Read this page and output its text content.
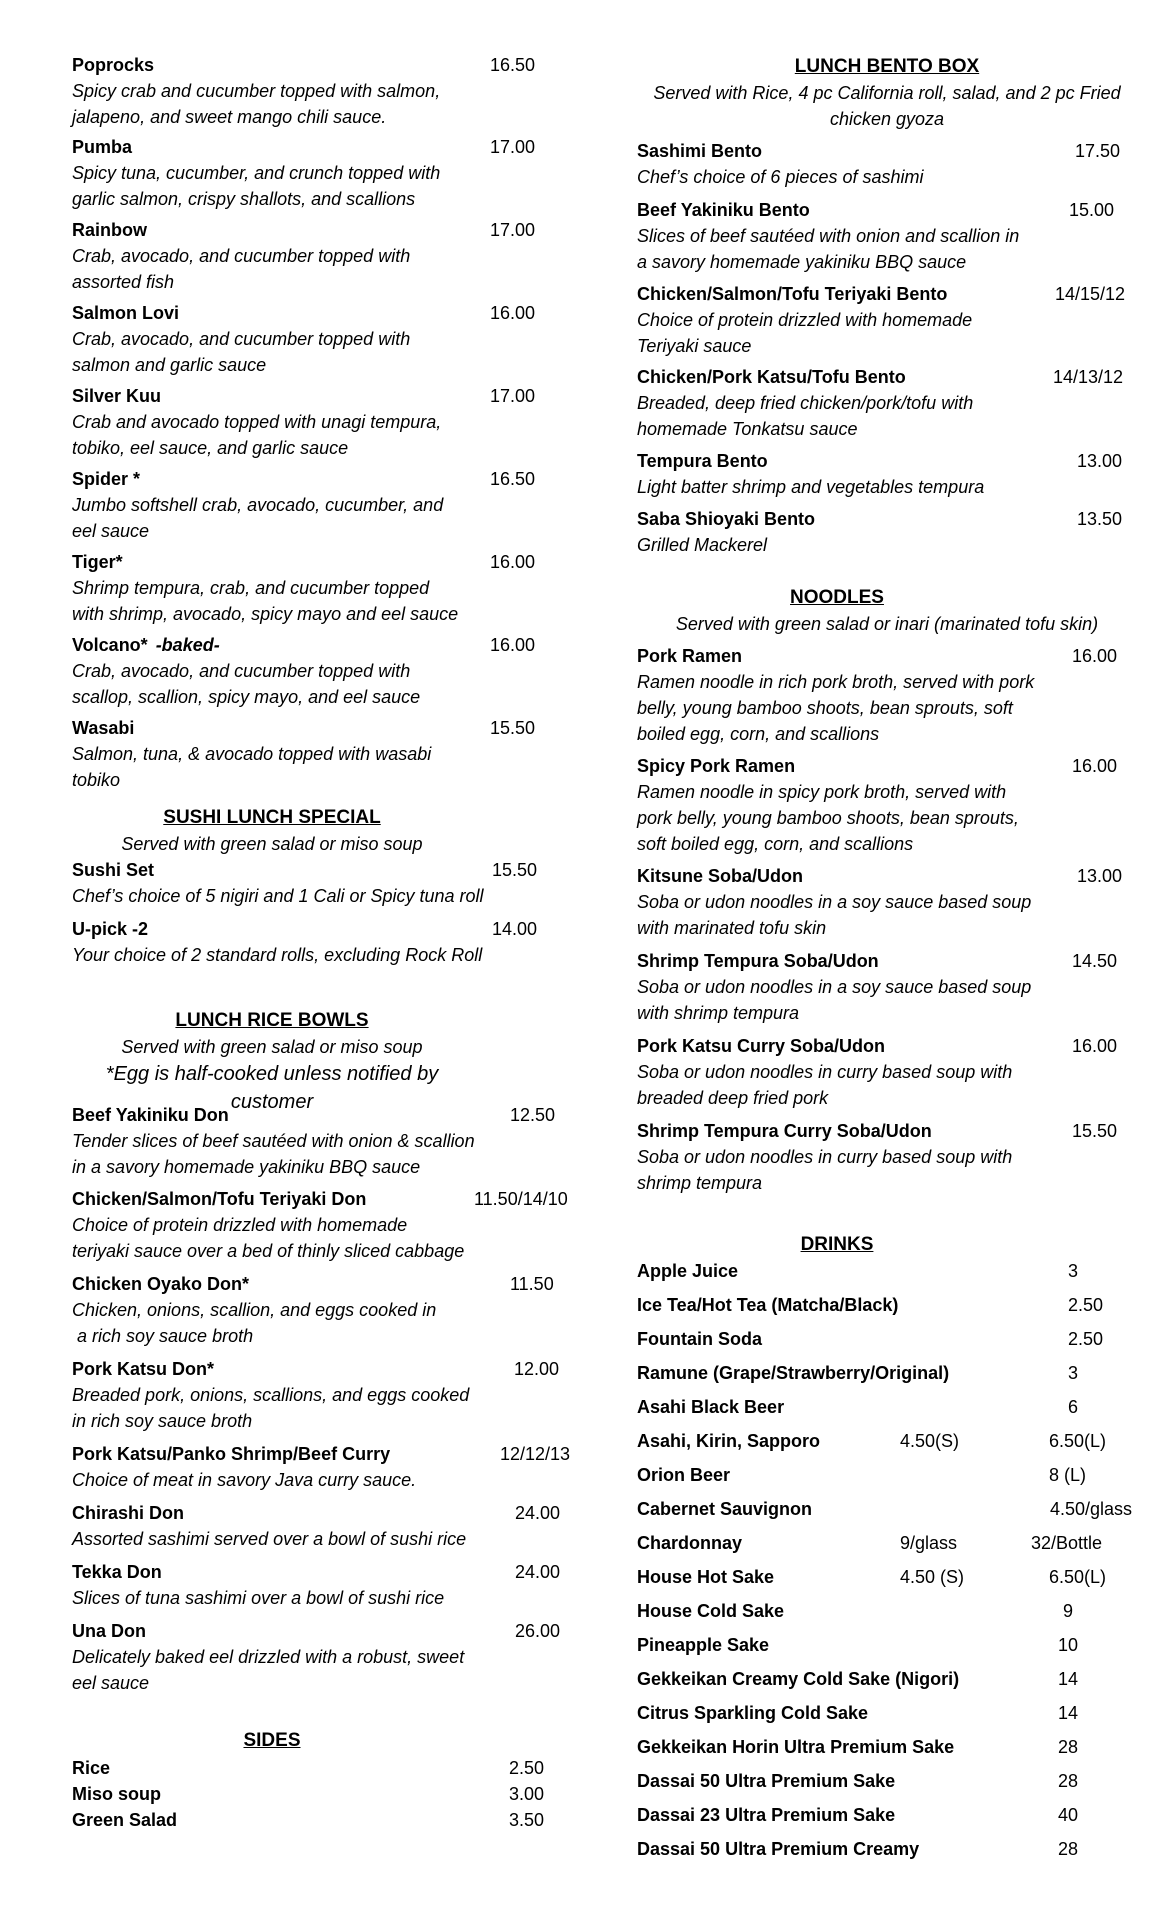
Poprocks
Spicy crab and cucumber topped with salmon,
jalapeno, and sweet mango chili sauce.
16.50
Pumba
Spicy tuna, cucumber, and crunch topped with
garlic salmon, crispy shallots, and scallions
17.00
Rainbow
Crab, avocado, and cucumber topped with
assorted fish
17.00
Salmon Lovi
Crab, avocado, and cucumber topped with
salmon and garlic sauce
16.00
Silver Kuu
Crab and avocado topped with unagi tempura,
tobiko, eel sauce, and garlic sauce
17.00
Spider *
Jumbo softshell crab, avocado, cucumber, and
eel sauce
16.50
Tiger*
Shrimp tempura, crab, and cucumber topped
with shrimp, avocado, spicy mayo and eel sauce
16.00
Volcano* -baked-
Crab, avocado, and cucumber topped with
scallop, scallion, spicy mayo, and eel sauce
16.00
Wasabi
Salmon, tuna, & avocado topped with wasabi
tobiko
15.50
SUSHI LUNCH SPECIAL
Served with green salad or miso soup
Sushi Set
Chef’s choice of 5 nigiri and 1 Cali or Spicy tuna roll
15.50
U-pick -2
Your choice of 2 standard rolls, excluding Rock Roll
14.00
LUNCH RICE BOWLS
Served with green salad or miso soup
*Egg is half-cooked unless notified by customer
Beef Yakiniku Don
Tender slices of beef sautéed with onion & scallion
in a savory homemade yakiniku BBQ sauce
12.50
Chicken/Salmon/Tofu Teriyaki Don
Choice of protein drizzled with homemade
teriyaki sauce over a bed of thinly sliced cabbage
11.50/14/10
Chicken Oyako Don*
Chicken, onions, scallion, and eggs cooked in
a rich soy sauce broth
11.50
Pork Katsu Don*
Breaded pork, onions, scallions, and eggs cooked
in rich soy sauce broth
12.00
Pork Katsu/Panko Shrimp/Beef Curry
Choice of meat in savory Java curry sauce.
12/12/13
Chirashi Don
Assorted sashimi served over a bowl of sushi rice
24.00
Tekka Don
Slices of tuna sashimi over a bowl of sushi rice
24.00
Una Don
Delicately baked eel drizzled with a robust, sweet
eel sauce
26.00
SIDES
Rice	2.50
Miso soup	3.00
Green Salad	3.50
LUNCH BENTO BOX
Served with Rice, 4 pc California roll, salad, and 2 pc Fried
chicken gyoza
Sashimi Bento
Chef’s choice of 6 pieces of sashimi
17.50
Beef Yakiniku Bento
Slices of beef sautéed with onion and scallion in
a savory homemade yakiniku BBQ sauce
15.00
Chicken/Salmon/Tofu Teriyaki Bento
Choice of protein drizzled with homemade
Teriyaki sauce
14/15/12
Chicken/Pork Katsu/Tofu Bento
Breaded, deep fried chicken/pork/tofu with
homemade Tonkatsu sauce
14/13/12
Tempura Bento
Light batter shrimp and vegetables tempura
13.00
Saba Shioyaki Bento
Grilled Mackerel
13.50
NOODLES
Served with green salad or inari (marinated tofu skin)
Pork Ramen
Ramen noodle in rich pork broth, served with pork
belly, young bamboo shoots, bean sprouts, soft
boiled egg, corn, and scallions
16.00
Spicy Pork Ramen
Ramen noodle in spicy pork broth, served with
pork belly, young bamboo shoots, bean sprouts,
soft boiled egg, corn, and scallions
16.00
Kitsune Soba/Udon
Soba or udon noodles in a soy sauce based soup
with marinated tofu skin
13.00
Shrimp Tempura Soba/Udon
Soba or udon noodles in a soy sauce based soup
with shrimp tempura
14.50
Pork Katsu Curry Soba/Udon
Soba or udon noodles in curry based soup with
breaded deep fried pork
16.00
Shrimp Tempura Curry Soba/Udon
Soba or udon noodles in curry based soup with
shrimp tempura
15.50
DRINKS
Apple Juice	3
Ice Tea/Hot Tea (Matcha/Black)	2.50
Fountain Soda	2.50
Ramune (Grape/Strawberry/Original)	3
Asahi Black Beer	6
Asahi, Kirin, Sapporo	4.50(S)	6.50(L)
Orion Beer	8 (L)
Cabernet Sauvignon	4.50/glass
Chardonnay	9/glass	32/Bottle
House Hot Sake	4.50 (S)	6.50(L)
House Cold Sake	9
Pineapple Sake	10
Gekkeikan Creamy Cold Sake (Nigori)	14
Citrus Sparkling Cold Sake	14
Gekkeikan Horin Ultra Premium Sake	28
Dassai 50 Ultra Premium Sake	28
Dassai 23 Ultra Premium Sake	40
Dassai 50 Ultra Premium Creamy	28
